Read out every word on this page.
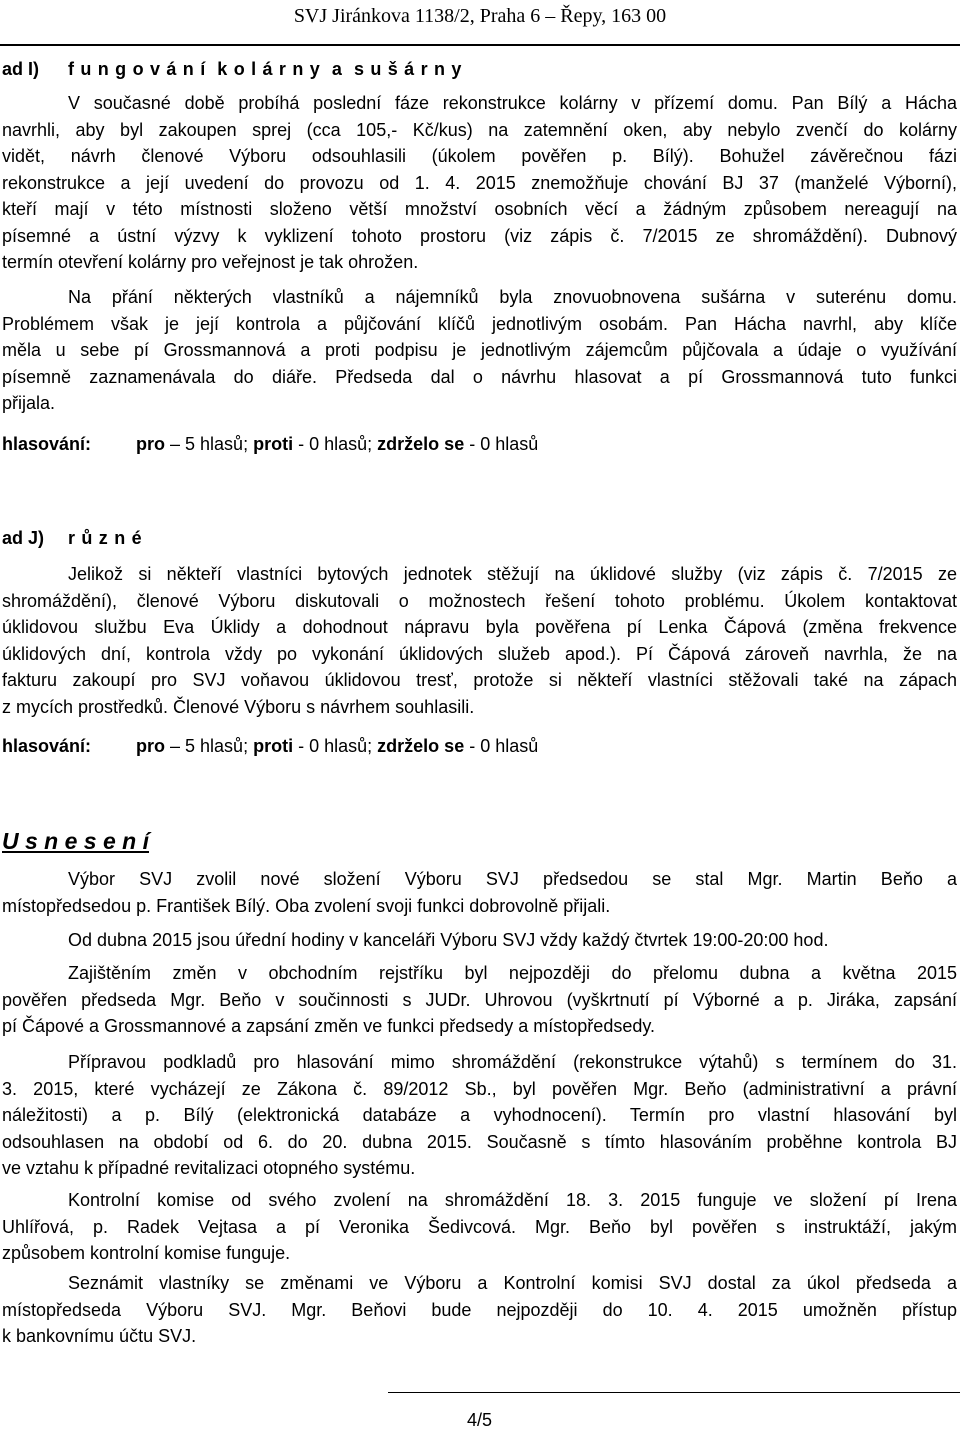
SVJ Jiránkova 1138/2, Praha 6 – Řepy, 163 00
ad I) f u n g o v á n í  k o l á r n y  a  s u š á r n y
V současné době probíhá poslední fáze rekonstrukce kolárny v přízemí domu. Pan Bílý a Hácha
navrhli, aby byl zakoupen sprej (cca 105,- Kč/kus) na zatemnění oken, aby nebylo zvenčí do kolárny
vidět, návrh členové Výboru odsouhlasili (úkolem pověřen p. Bílý). Bohužel závěrečnou fázi
rekonstrukce a její uvedení do provozu od 1. 4. 2015 znemožňuje chování BJ 37 (manželé Výborní),
kteří mají v této místnosti složeno větší množství osobních věcí a žádným způsobem nereagují na
písemné a ústní výzvy k vyklizení tohoto prostoru (viz zápis č. 7/2015 ze shromáždění). Dubnový
termín otevření kolárny pro veřejnost je tak ohrožen.
Na přání některých vlastníků a nájemníků byla znovuobnovena sušárna v suterénu domu.
Problémem však je její kontrola a půjčování klíčů jednotlivým osobám. Pan Hácha navrhl, aby klíče
měla u sebe pí Grossmannová a proti podpisu je jednotlivým zájemcům půjčovala a údaje o využívání
písemně zaznamenávala do diáře. Předseda dal o návrhu hlasovat a pí Grossmannová tuto funkci
přijala.
hlasování: pro – 5 hlasů; proti - 0 hlasů; zdrželo se - 0 hlasů
ad J) r ů z n é
Jelikož si někteří vlastníci bytových jednotek stěžují na úklidové služby (viz zápis č. 7/2015 ze
shromáždění), členové Výboru diskutovali o možnostech řešení tohoto problému. Úkolem kontaktovat
úklidovou službu Eva Úklidy a dohodnout nápravu byla pověřena pí Lenka Čápová (změna frekvence
úklidových dní, kontrola vždy po vykonání úklidových služeb apod.). Pí Čápová zároveň navrhla, že na
fakturu zakoupí pro SVJ voňavou úklidovou tresť, protože si někteří vlastníci stěžovali také na zápach
z mycích prostředků. Členové Výboru s návrhem souhlasili.
hlasování: pro – 5 hlasů; proti - 0 hlasů; zdrželo se - 0 hlasů
U s n e s e n í
Výbor SVJ zvolil nové složení Výboru SVJ předsedou se stal Mgr. Martin Beňo a
místopředsedou p. František Bílý. Oba zvolení svoji funkci dobrovolně přijali.
Od dubna 2015 jsou úřední hodiny v kanceláři Výboru SVJ vždy každý čtvrtek 19:00-20:00 hod.
Zajištěním změn v obchodním rejstříku byl nejpozději do přelomu dubna a května 2015
pověřen předseda Mgr. Beňo v součinnosti s JUDr. Uhrovou (vyškrtnutí pí Výborné a p. Jiráka, zapsání
pí Čápové a Grossmannové a zapsání změn ve funkci předsedy a místopředsedy.
Přípravou podkladů pro hlasování mimo shromáždění (rekonstrukce výtahů) s termínem do 31.
3. 2015, které vycházejí ze Zákona č. 89/2012 Sb., byl pověřen Mgr. Beňo (administrativní a právní
náležitosti) a p. Bílý (elektronická databáze a vyhodnocení). Termín pro vlastní hlasování byl
odsouhlasen na období od 6. do 20. dubna 2015. Současně s tímto hlasováním proběhne kontrola BJ
ve vztahu k případné revitalizaci otopného systému.
Kontrolní komise od svého zvolení na shromáždění 18. 3. 2015 funguje ve složení pí Irena
Uhlířová, p. Radek Vejtasa a pí Veronika Šedivcová. Mgr. Beňo byl pověřen s instruktáží, jakým
způsobem kontrolní komise funguje.
Seznámit vlastníky se změnami ve Výboru a Kontrolní komisi SVJ dostal za úkol předseda a
místopředseda Výboru SVJ. Mgr. Beňovi bude nejpozději do 10. 4. 2015 umožněn přístup
k bankovnímu účtu SVJ.
4/5
